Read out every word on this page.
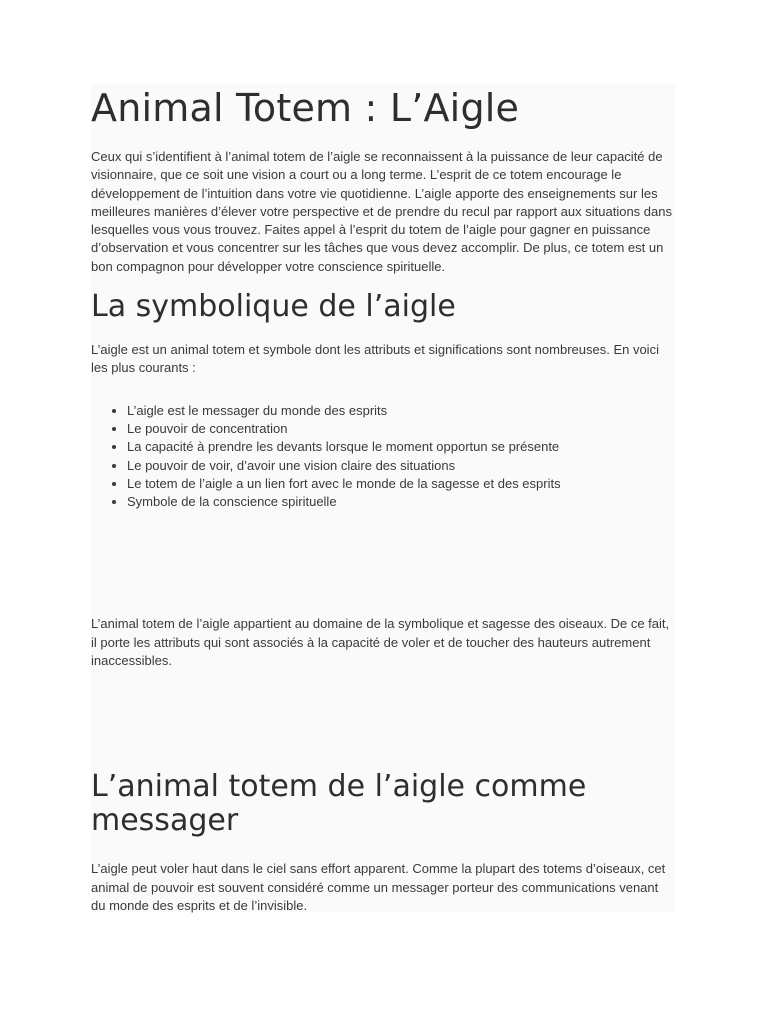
Animal Totem : L’Aigle

Ceux qui s’identifient à l’animal totem de l’aigle se reconnaissent à la puissance de leur capacité de visionnaire, que ce soit une vision a court ou a long terme. L’esprit de ce totem encourage le développement de l’intuition dans votre vie quotidienne. L’aigle apporte des enseignements sur les meilleures manières d’élever votre perspective et de prendre du recul par rapport aux situations dans lesquelles vous vous trouvez. Faites appel à l’esprit du totem de l’aigle pour gagner en puissance d’observation et vous concentrer sur les tâches que vous devez accomplir. De plus, ce totem est un bon compagnon pour développer votre conscience spirituelle.

La symbolique de l’aigle

L’aigle est un animal totem et symbole dont les attributs et significations sont nombreuses. En voici les plus courants :

• L’aigle est le messager du monde des esprits
• Le pouvoir de concentration
• La capacité à prendre les devants lorsque le moment opportun se présente
• Le pouvoir de voir, d’avoir une vision claire des situations
• Le totem de l’aigle a un lien fort avec le monde de la sagesse et des esprits
• Symbole de la conscience spirituelle

L’animal totem de l’aigle appartient au domaine de la symbolique et sagesse des oiseaux. De ce fait, il porte les attributs qui sont associés à la capacité de voler et de toucher des hauteurs autrement inaccessibles.

L’animal totem de l’aigle comme messager

L’aigle peut voler haut dans le ciel sans effort apparent. Comme la plupart des totems d’oiseaux, cet animal de pouvoir est souvent considéré comme un messager porteur des communications venant du monde des esprits et de l’invisible.
